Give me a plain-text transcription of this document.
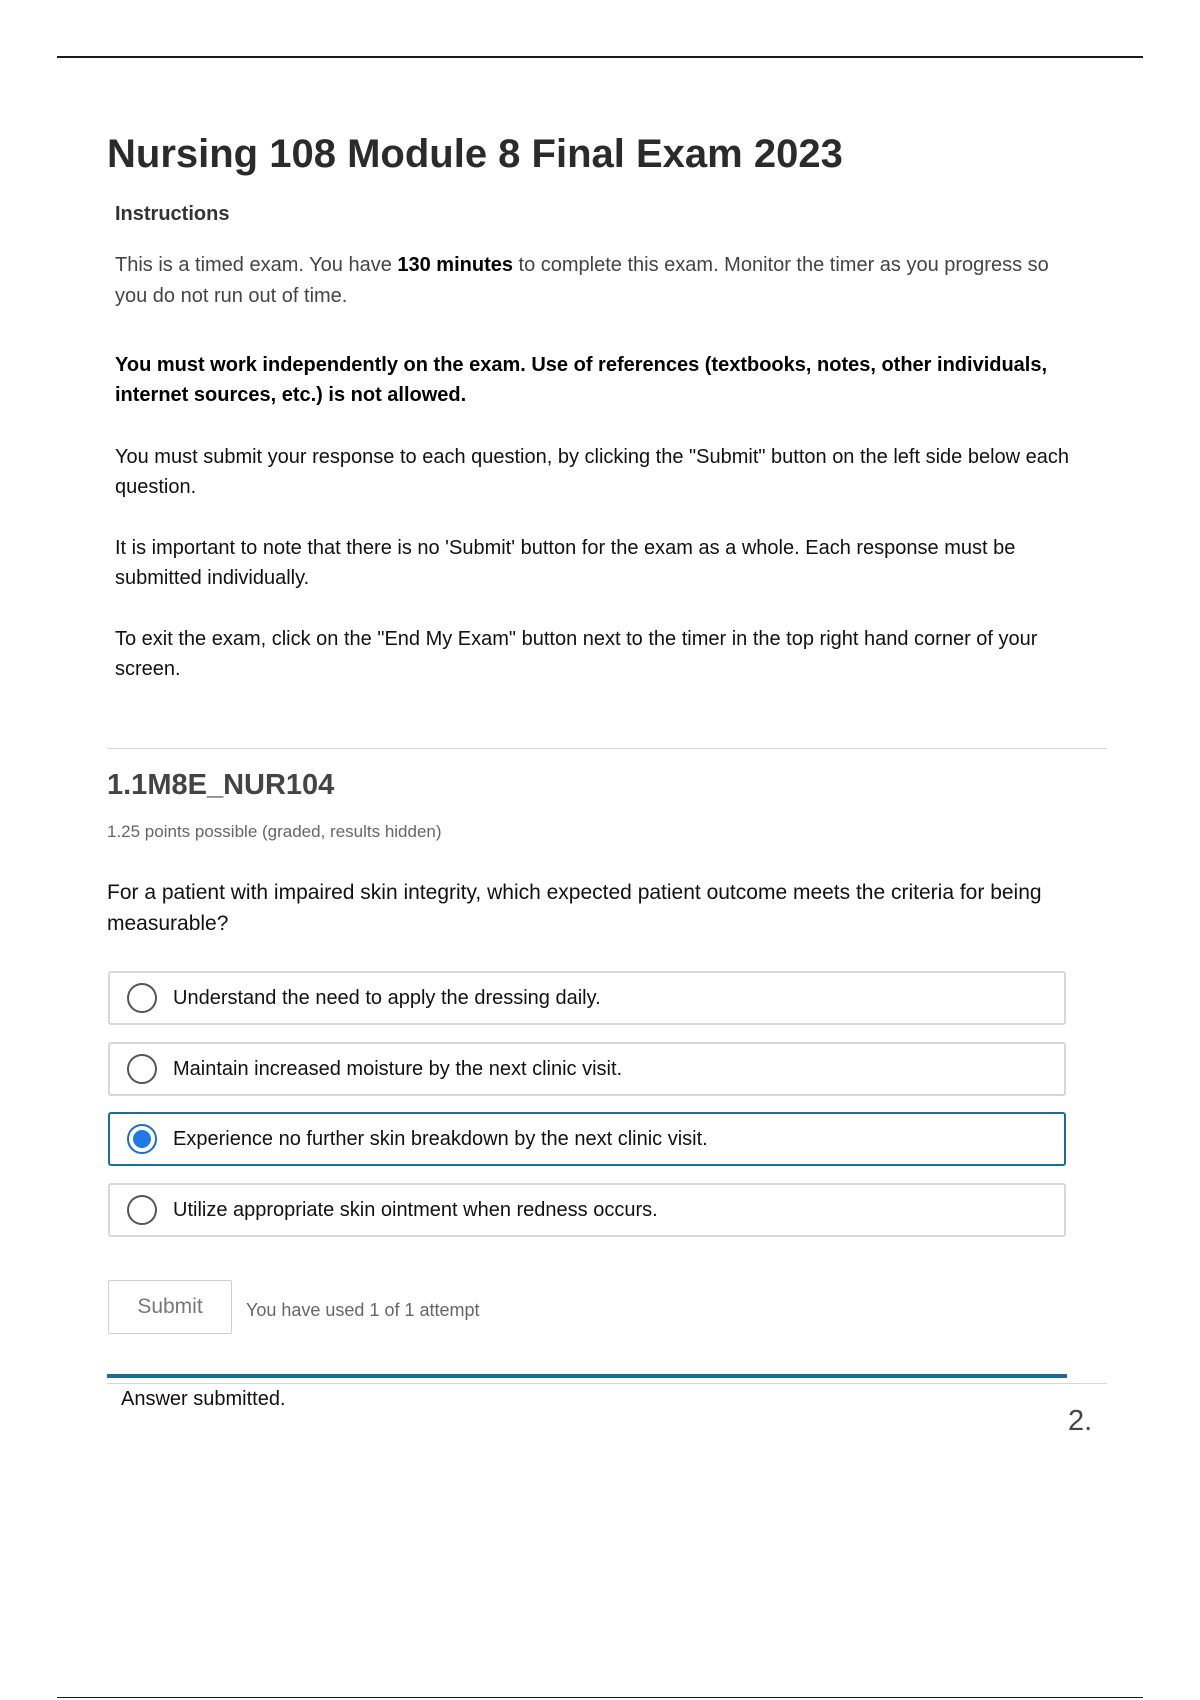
Nursing 108 Module 8 Final Exam 2023

Instructions

This is a timed exam. You have 130 minutes to complete this exam. Monitor the timer as you progress so you do not run out of time.

You must work independently on the exam. Use of references (textbooks, notes, other individuals, internet sources, etc.) is not allowed.

You must submit your response to each question, by clicking the "Submit" button on the left side below each question.

It is important to note that there is no 'Submit' button for the exam as a whole. Each response must be submitted individually.

To exit the exam, click on the "End My Exam" button next to the timer in the top right hand corner of your screen.

1.1M8E_NUR104

1.25 points possible (graded, results hidden)

For a patient with impaired skin integrity, which expected patient outcome meets the criteria for being measurable?

Understand the need to apply the dressing daily.
Maintain increased moisture by the next clinic visit.
Experience no further skin breakdown by the next clinic visit.
Utilize appropriate skin ointment when redness occurs.
Submit	You have used 1 of 1 attempt

Answer submitted.

2.
